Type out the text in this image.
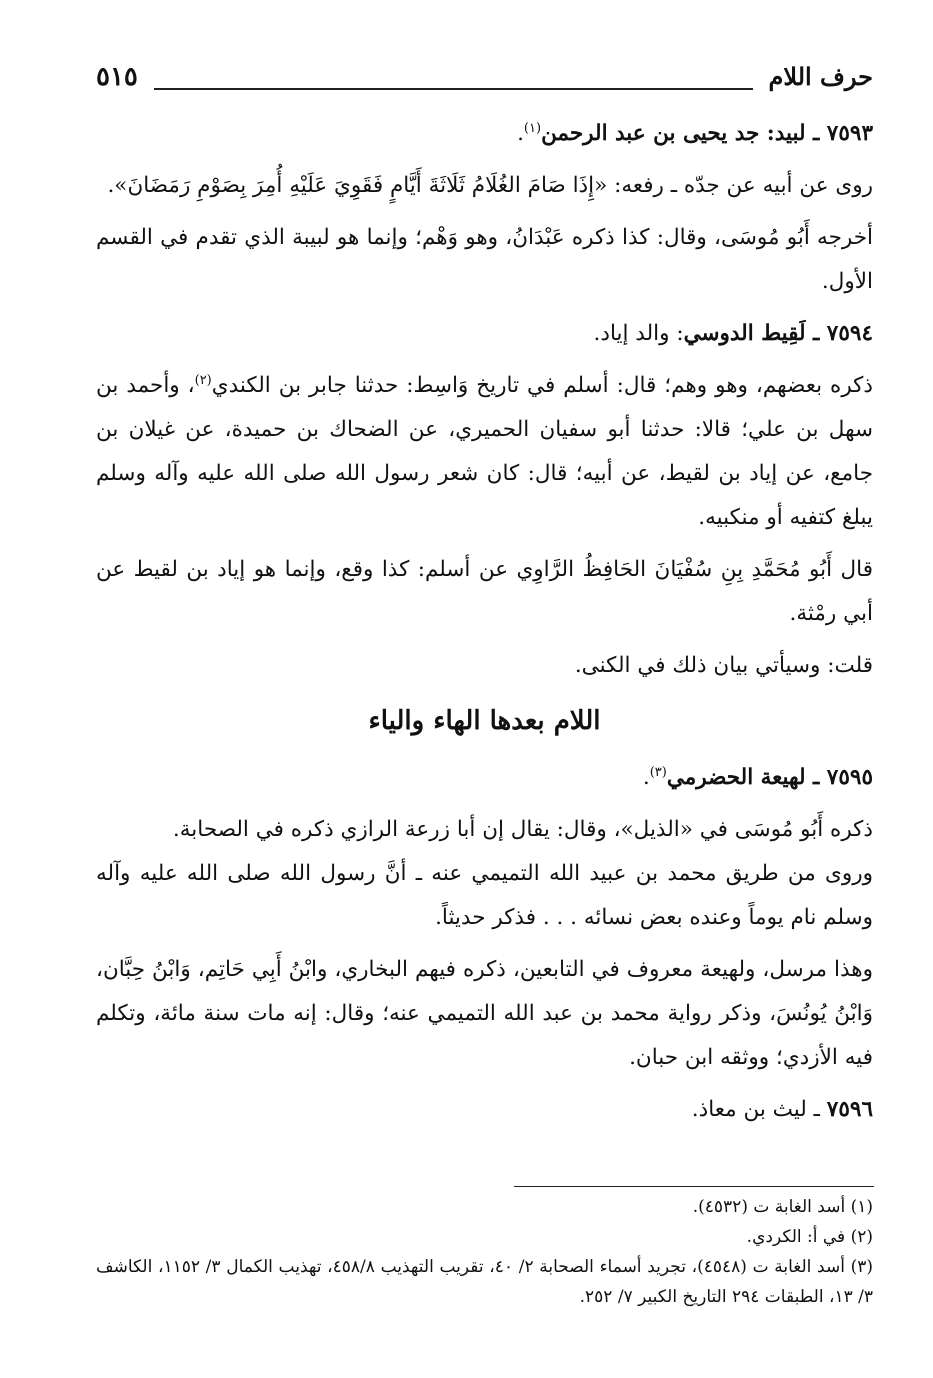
حرف اللام
٥١٥
٧٥٩٣ ـ لبيد: جد يحيى بن عبد الرحمن$^{(١)}$.

روى عن أبيه عن جدّه ـ رفعه: «إِذَا صَامَ الغُلَامُ ثَلَاثَةَ أَيَّامٍ فَقَوِيَ عَلَيْهِ أُمِرَ بِصَوْمِ رَمَضَانَ».

أخرجه أَبُو مُوسَى، وقال: كذا ذكره عَبْدَانُ، وهو وَهْم؛ وإنما هو لبيبة الذي تقدم في القسم الأول.

٧٥٩٤ ـ لَقِيط الدوسي: والد إياد.

ذكره بعضهم، وهو وهم؛ قال: أسلم في تاريخ وَاسِط: حدثنا جابر بن الكندي$^{(٢)}$، وأحمد بن سهل بن علي؛ قالا: حدثنا أبو سفيان الحميري، عن الضحاك بن حميدة، عن غيلان بن جامع، عن إياد بن لقيط، عن أبيه؛ قال: كان شعر رسول الله صلى الله عليه وآله وسلم يبلغ كتفيه أو منكبيه.

قال أَبُو مُحَمَّدِ بِنِ سُفْيَانَ الحَافِظُ الرَّاوِي عن أسلم: كذا وقع، وإنما هو إياد بن لقيط عن أبي رمْثة.

قلت: وسيأتي بيان ذلك في الكنى.

اللام بعدها الهاء والياء
٧٥٩٥ ـ لهيعة الحضرمي$^{(٣)}$.

ذكره أَبُو مُوسَى في «الذيل»، وقال: يقال إن أبا زرعة الرازي ذكره في الصحابة.

وروى من طريق محمد بن عبيد الله التميمي عنه ـ أنَّ رسول الله صلى الله عليه وآله وسلم نام يوماً وعنده بعض نسائه . . . فذكر حديثاً.

وهذا مرسل، ولهيعة معروف في التابعين، ذكره فيهم البخاري، وابْنُ أَبِي حَاتِم، وَابْنُ حِبَّان، وَابْنُ يُونُسَ، وذكر رواية محمد بن عبد الله التميمي عنه؛ وقال: إنه مات سنة مائة، وتكلم فيه الأزدي؛ ووثقه ابن حبان.

٧٥٩٦ ـ ليث بن معاذ.

(١) أسد الغابة ت (٤٥٣٢).

(٢) في أ: الكردي.

(٣) أسد الغابة ت (٤٥٤٨)، تجريد أسماء الصحابة ٢/ ٤٠، تقريب التهذيب ٤٥٨/٨، تهذيب الكمال ٣/ ١١٥٢، الكاشف ٣/ ١٣، الطبقات ٢٩٤ التاريخ الكبير ٧/ ٢٥٢.
